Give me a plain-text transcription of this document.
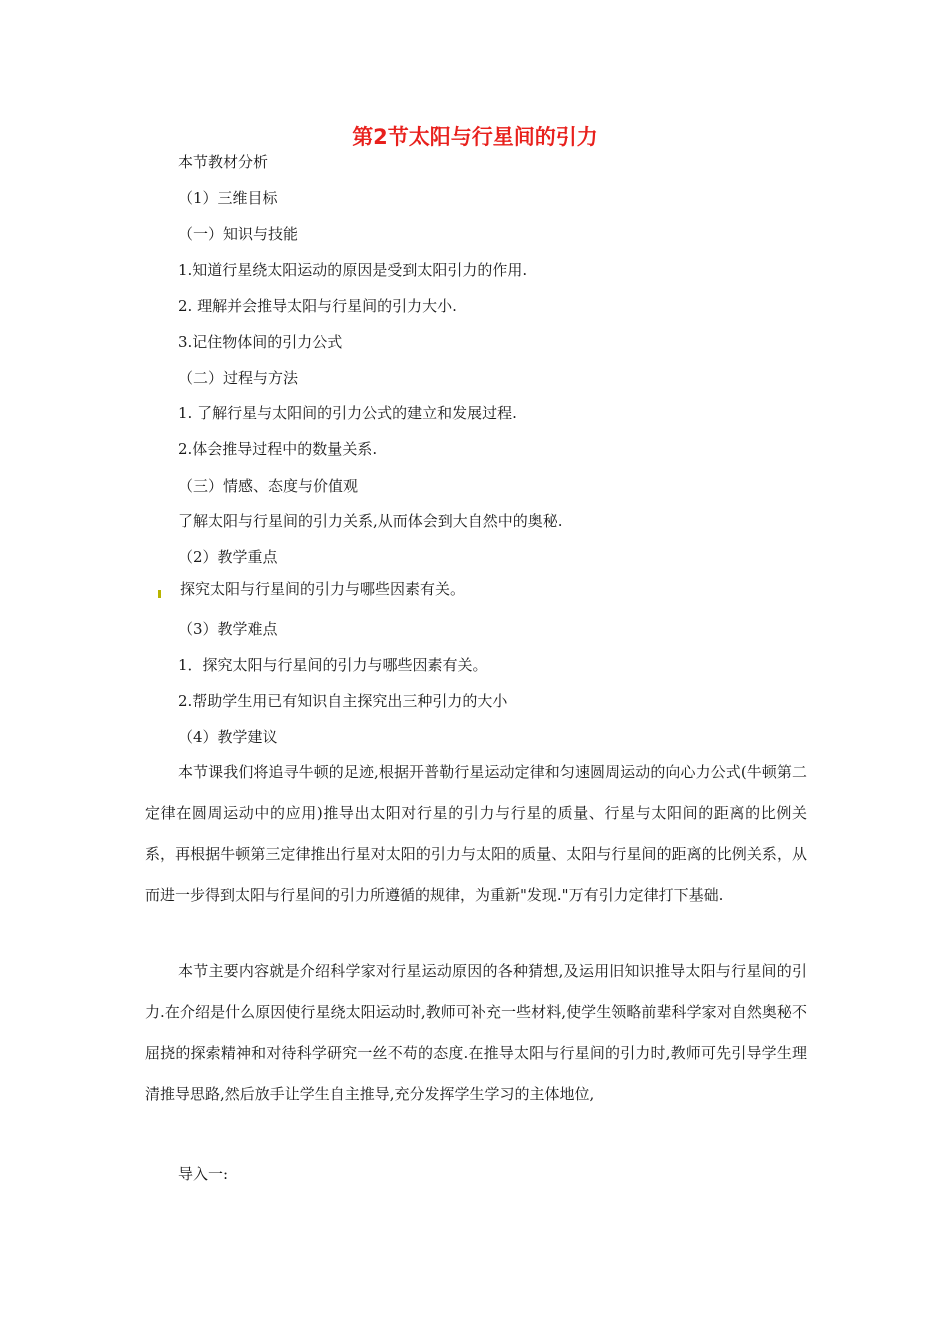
第2节太阳与行星间的引力
本节教材分析
（1）三维目标
（一）知识与技能
1.知道行星绕太阳运动的原因是受到太阳引力的作用.
2. 理解并会推导太阳与行星间的引力大小.
3.记住物体间的引力公式
（二）过程与方法
1. 了解行星与太阳间的引力公式的建立和发展过程.
2.体会推导过程中的数量关系.
（三）情感、态度与价值观
了解太阳与行星间的引力关系,从而体会到大自然中的奥秘.
（2）教学重点
探究太阳与行星间的引力与哪些因素有关。
（3）教学难点
1．探究太阳与行星间的引力与哪些因素有关。
2.帮助学生用已有知识自主探究出三种引力的大小
（4）教学建议
本节课我们将追寻牛顿的足迹,根据开普勒行星运动定律和匀速圆周运动的向心力公式(牛顿第二定律在圆周运动中的应用)推导出太阳对行星的引力与行星的质量、行星与太阳间的距离的比例关系，再根据牛顿第三定律推出行星对太阳的引力与太阳的质量、太阳与行星间的距离的比例关系，从而进一步得到太阳与行星间的引力所遵循的规律，为重新"发现."万有引力定律打下基础.
本节主要内容就是介绍科学家对行星运动原因的各种猜想,及运用旧知识推导太阳与行星间的引力.在介绍是什么原因使行星绕太阳运动时,教师可补充一些材料,使学生领略前辈科学家对自然奥秘不屈挠的探索精神和对待科学研究一丝不苟的态度.在推导太阳与行星间的引力时,教师可先引导学生理清推导思路,然后放手让学生自主推导,充分发挥学生学习的主体地位,
导入一:
